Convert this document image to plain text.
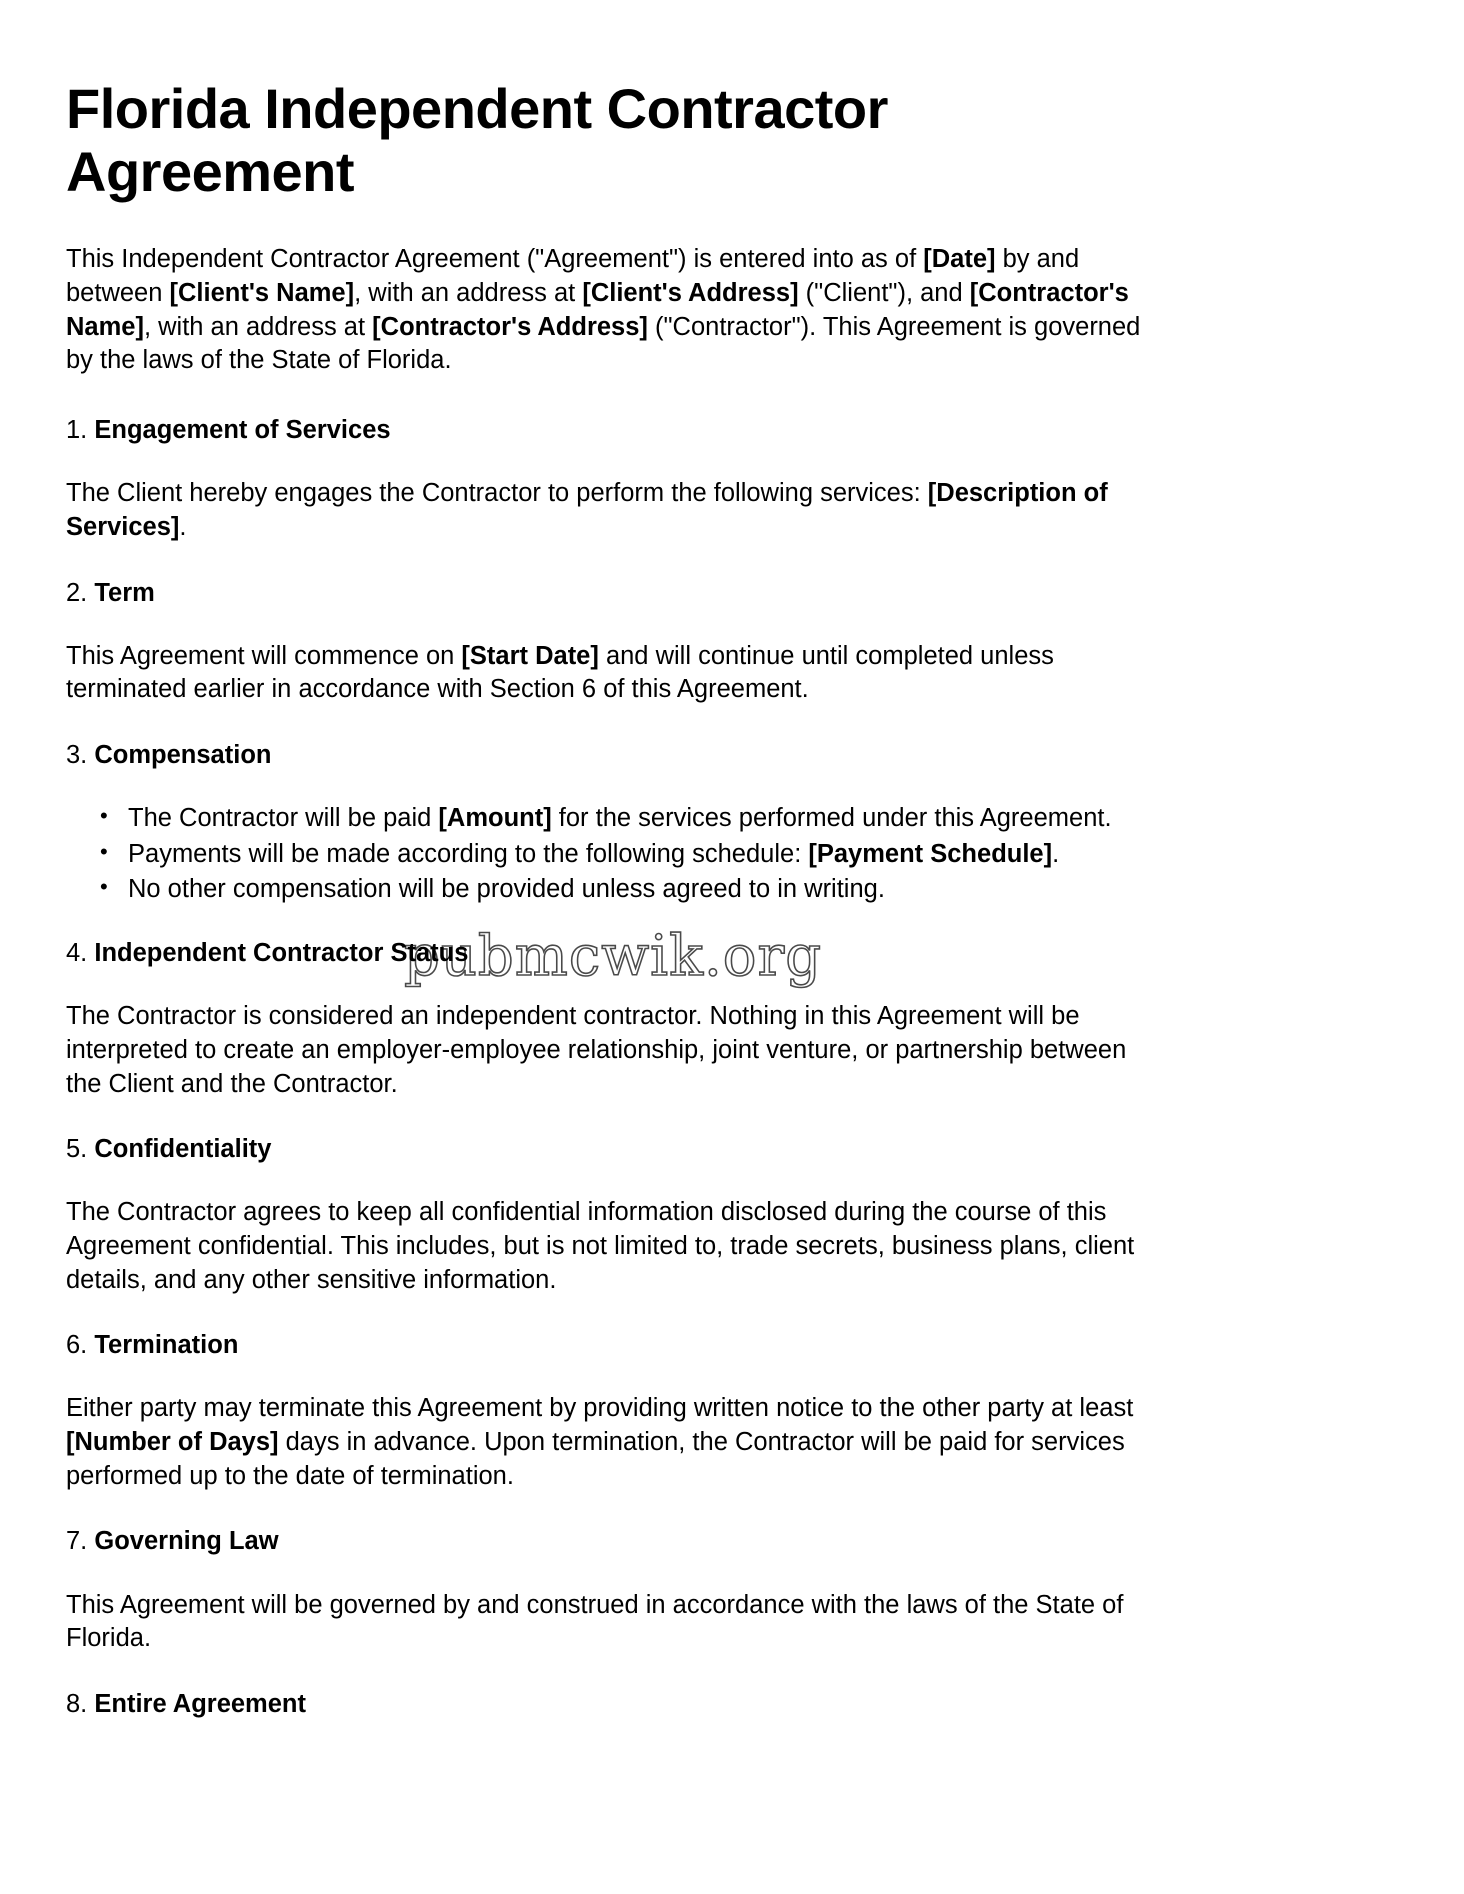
Florida Independent Contractor Agreement

This Independent Contractor Agreement ("Agreement") is entered into as of [Date] by and between [Client's Name], with an address at [Client's Address] ("Client"), and [Contractor's Name], with an address at [Contractor's Address] ("Contractor"). This Agreement is governed by the laws of the State of Florida.

1. Engagement of Services

The Client hereby engages the Contractor to perform the following services: [Description of Services].

2. Term

This Agreement will commence on [Start Date] and will continue until completed unless terminated earlier in accordance with Section 6 of this Agreement.

3. Compensation
• The Contractor will be paid [Amount] for the services performed under this Agreement.
• Payments will be made according to the following schedule: [Payment Schedule].
• No other compensation will be provided unless agreed to in writing.
4. Independent Contractor Status

The Contractor is considered an independent contractor. Nothing in this Agreement will be interpreted to create an employer-employee relationship, joint venture, or partnership between the Client and the Contractor.

5. Confidentiality

The Contractor agrees to keep all confidential information disclosed during the course of this Agreement confidential. This includes, but is not limited to, trade secrets, business plans, client details, and any other sensitive information.

6. Termination

Either party may terminate this Agreement by providing written notice to the other party at least [Number of Days] days in advance. Upon termination, the Contractor will be paid for services performed up to the date of termination.

7. Governing Law

This Agreement will be governed by and construed in accordance with the laws of the State of Florida.

8. Entire Agreement
pubmcwik.org
